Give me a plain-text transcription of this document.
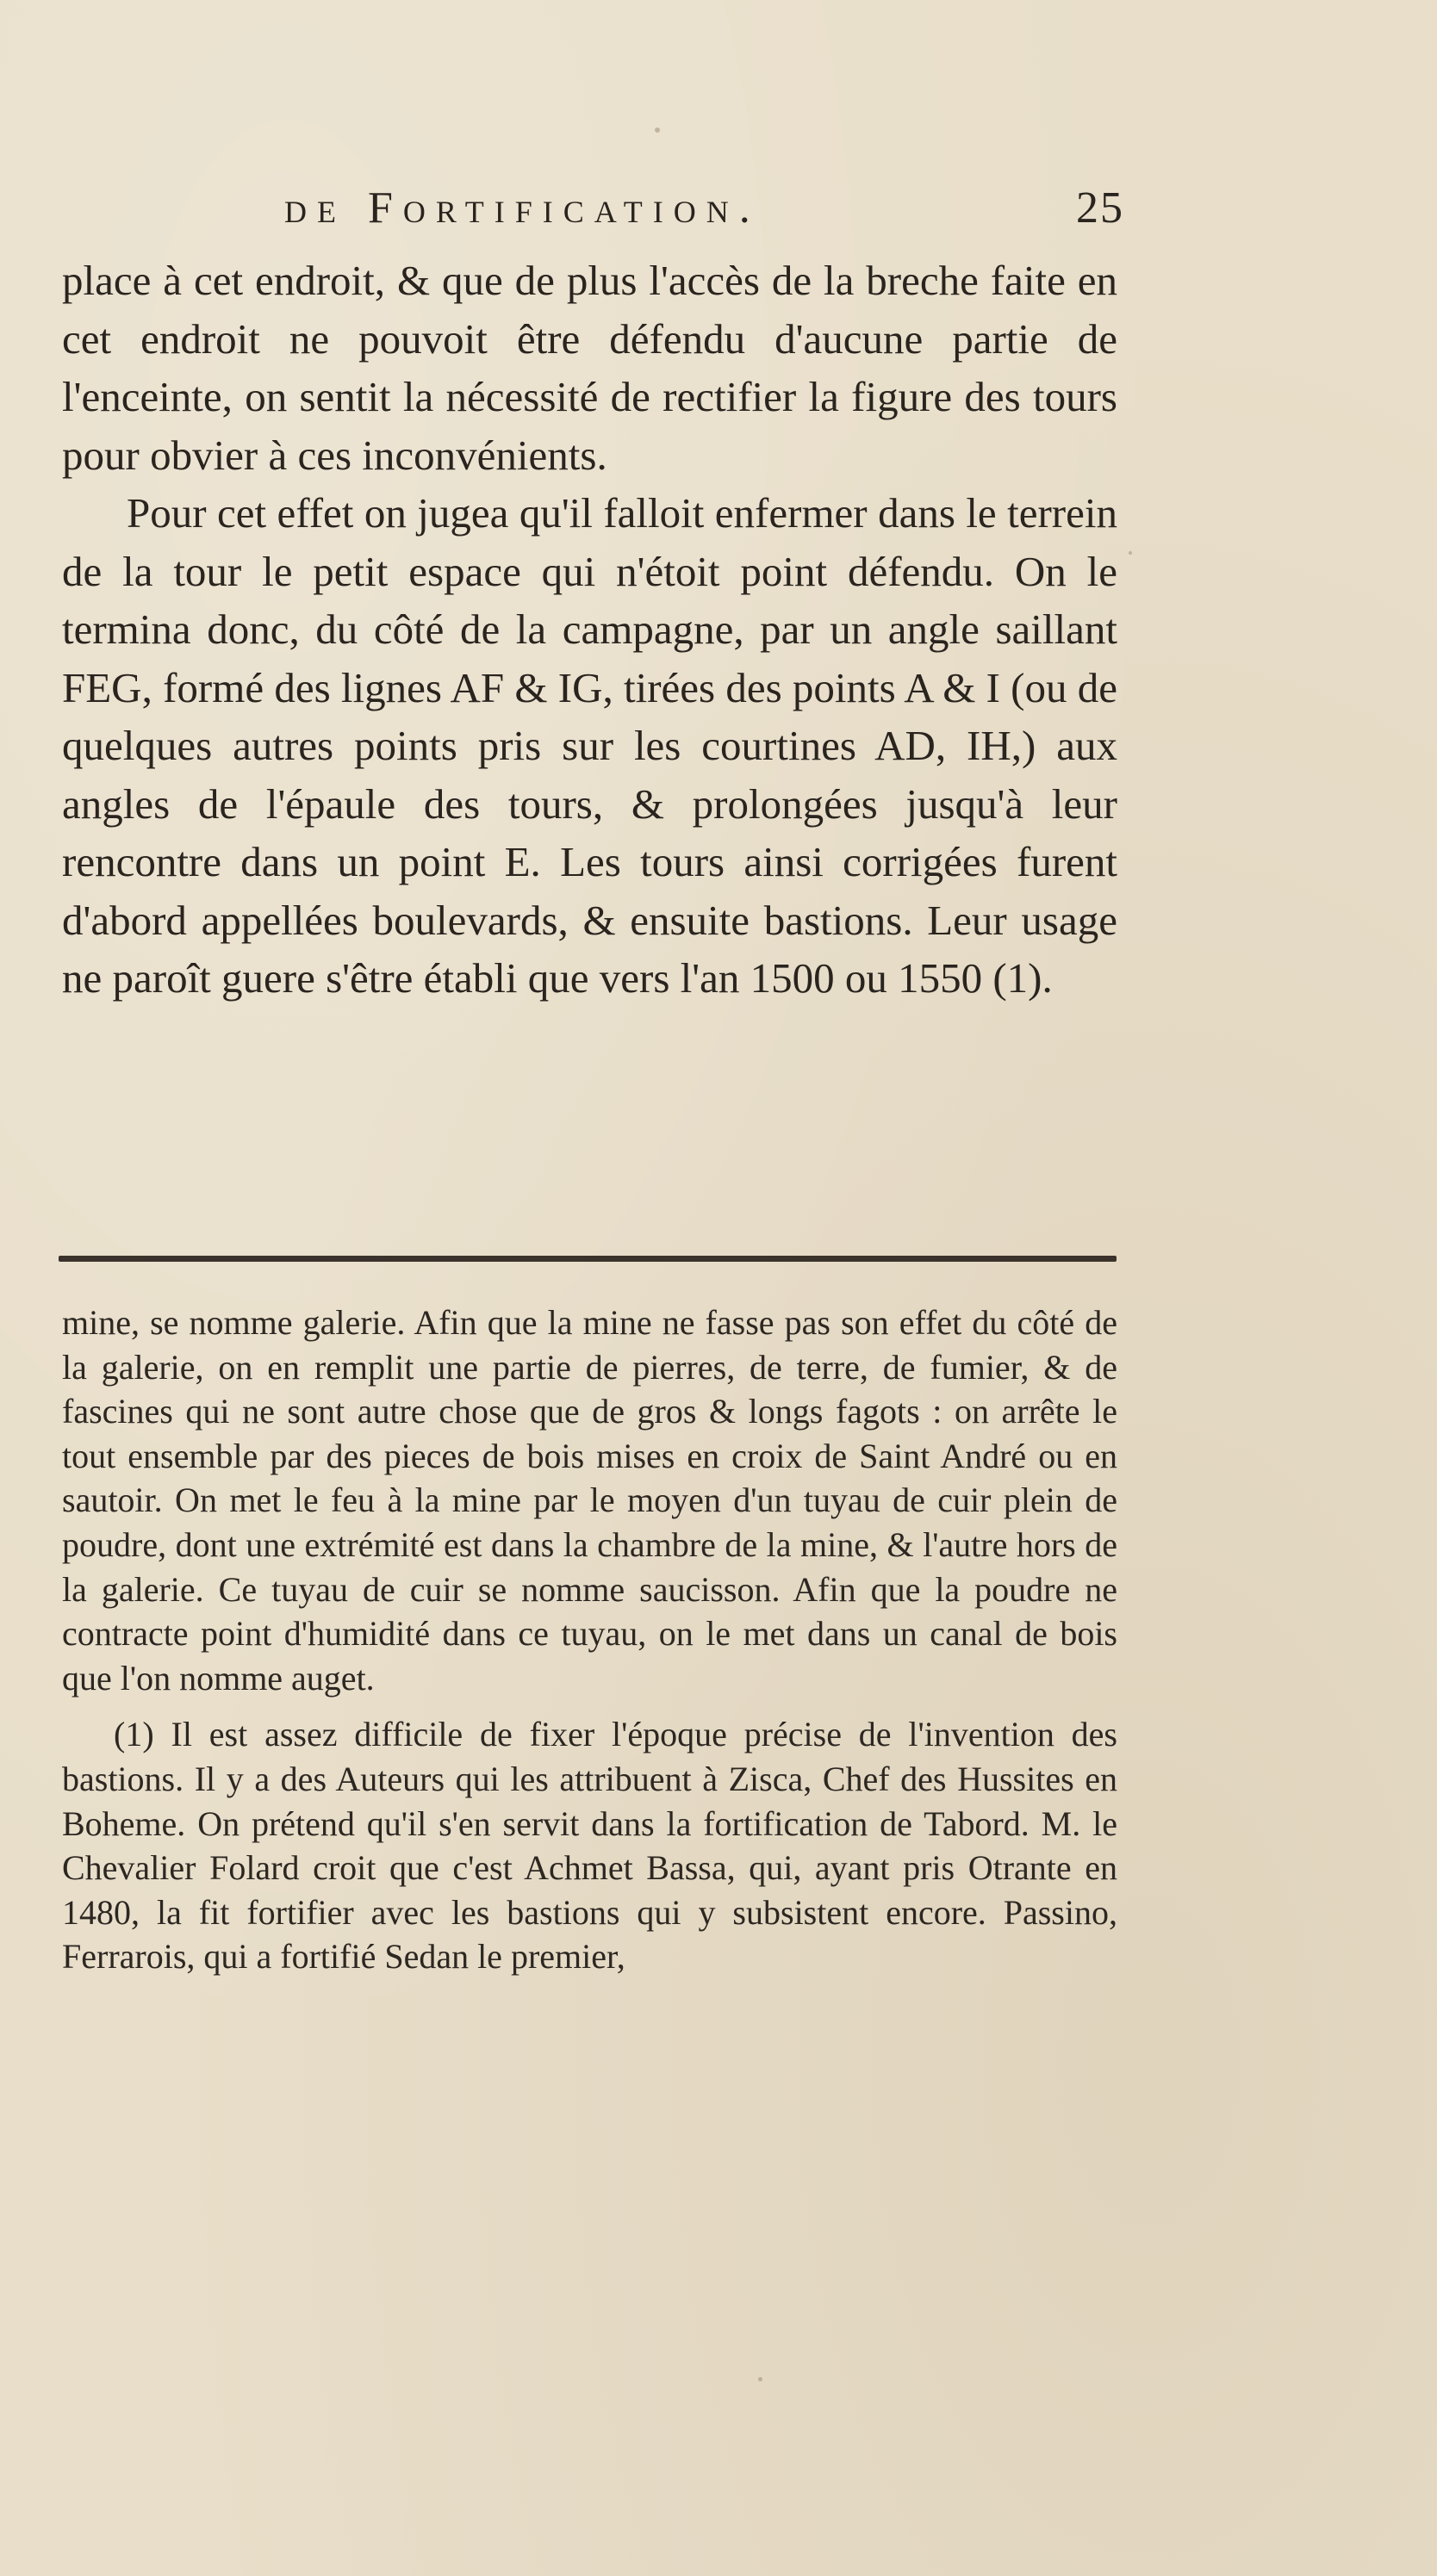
de Fortification.	25

place à cet endroit, & que de plus l'accès de la breche faite en cet endroit ne pouvoit être défendu d'aucune partie de l'enceinte, on sentit la nécessité de rectifier la figure des tours pour obvier à ces inconvénients.

Pour cet effet on jugea qu'il falloit enfermer dans le terrein de la tour le petit espace qui n'étoit point défendu. On le termina donc, du côté de la campagne, par un angle saillant FEG, formé des lignes AF & IG, tirées des points A & I (ou de quelques autres points pris sur les courtines AD, IH,) aux angles de l'épaule des tours, & prolongées jusqu'à leur rencontre dans un point E. Les tours ainsi corrigées furent d'abord appellées boulevards, & ensuite bastions. Leur usage ne paroît guere s'être établi que vers l'an 1500 ou 1550 (1).

mine, se nomme galerie. Afin que la mine ne fasse pas son effet du côté de la galerie, on en remplit une partie de pierres, de terre, de fumier, & de fascines qui ne sont autre chose que de gros & longs fagots : on arrête le tout ensemble par des pieces de bois mises en croix de Saint André ou en sautoir. On met le feu à la mine par le moyen d'un tuyau de cuir plein de poudre, dont une extrémité est dans la chambre de la mine, & l'autre hors de la galerie. Ce tuyau de cuir se nomme saucisson. Afin que la poudre ne contracte point d'humidité dans ce tuyau, on le met dans un canal de bois que l'on nomme auget.

(1) Il est assez difficile de fixer l'époque précise de l'invention des bastions. Il y a des Auteurs qui les attribuent à Zisca, Chef des Hussites en Boheme. On prétend qu'il s'en servit dans la fortification de Tabord. M. le Chevalier Folard croit que c'est Achmet Bassa, qui, ayant pris Otrante en 1480, la fit fortifier avec les bastions qui y subsistent encore. Passino, Ferrarois, qui a fortifié Sedan le premier,
